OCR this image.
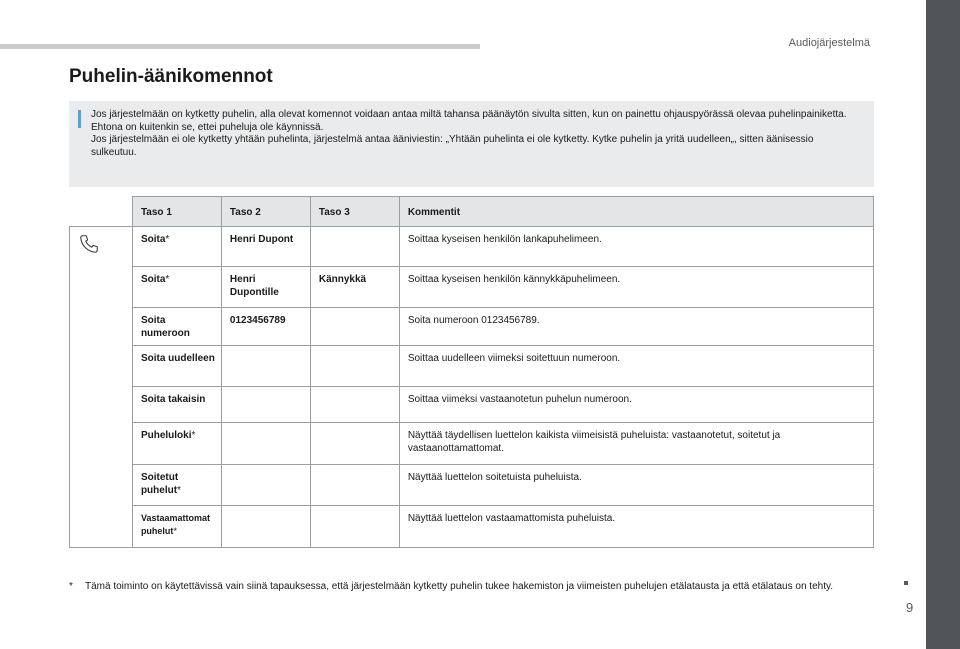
Audiojärjestelmä
Puhelin-äänikomennot
Jos järjestelmään on kytketty puhelin, alla olevat komennot voidaan antaa miltä tahansa päänäytön sivulta sitten, kun on painettu ohjauspyörässä olevaa puhelinpainiketta. Ehtona on kuitenkin se, ettei puheluja ole käynnissä.
Jos järjestelmään ei ole kytketty yhtään puhelinta, järjestelmä antaa ääniviestin: „Yhtään puhelinta ei ole kytketty. Kytke puhelin ja yritä uudelleen„, sitten äänisessio sulkeutuu.
	Taso 1	Taso 2	Taso 3	Kommentit
	Soita*	Henri Dupont		Soittaa kyseisen henkilön lankapuhelimeen.
	Soita*	Henri Dupontille	Kännykkä	Soittaa kyseisen henkilön kännykkäpuhelimeen.
	Soita numeroon	0123456789		Soita numeroon 0123456789.
	Soita uudelleen			Soittaa uudelleen viimeksi soitettuun numeroon.
	Soita takaisin			Soittaa viimeksi vastaanotetun puhelun numeroon.
	Puheluloki*			Näyttää täydellisen luettelon kaikista viimeisistä puheluista: vastaanotetut, soitetut ja vastaanottamattomat.
	Soitetut puhelut*			Näyttää luettelon soitetuista puheluista.
	Vastaamattomat puhelut*			Näyttää luettelon vastaamattomista puheluista.
* Tämä toiminto on käytettävissä vain siinä tapauksessa, että järjestelmään kytketty puhelin tukee hakemiston ja viimeisten puhelujen etälatausta ja että etälataus on tehty.
9
